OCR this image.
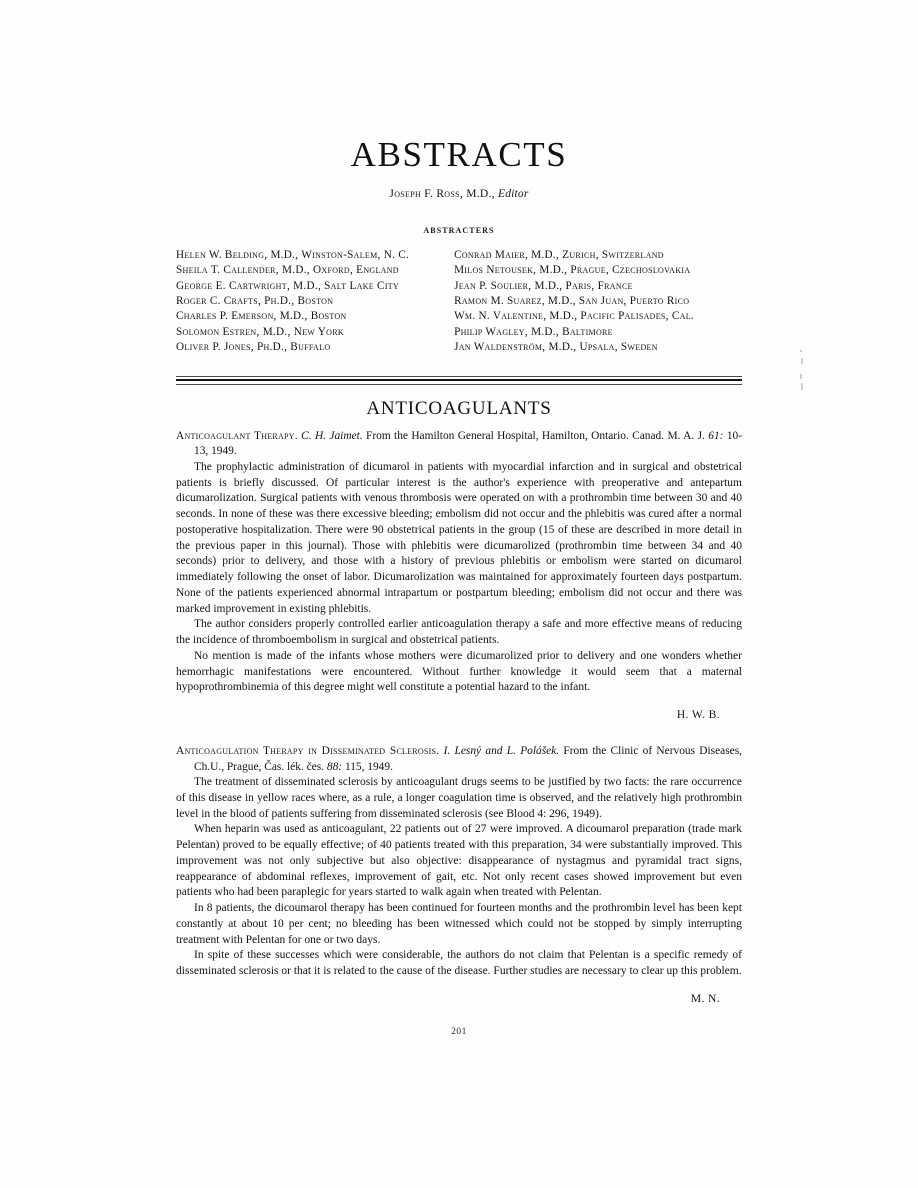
ABSTRACTS
Joseph F. Ross, M.D., Editor
ABSTRACTERS
Helen W. Belding, M.D., Winston-Salem, N. C.
Sheila T. Callender, M.D., Oxford, England
George E. Cartwright, M.D., Salt Lake City
Roger C. Crafts, Ph.D., Boston
Charles P. Emerson, M.D., Boston
Solomon Estren, M.D., New York
Oliver P. Jones, Ph.D., Buffalo
Conrad Maier, M.D., Zurich, Switzerland
Milos Netousek, M.D., Prague, Czechoslovakia
Jean P. Soulier, M.D., Paris, France
Ramon M. Suarez, M.D., San Juan, Puerto Rico
Wm. N. Valentine, M.D., Pacific Palisades, Cal.
Philip Wagley, M.D., Baltimore
Jan Waldenström, M.D., Upsala, Sweden
ANTICOAGULANTS
Anticoagulant Therapy. C. H. Jaimet. From the Hamilton General Hospital, Hamilton, Ontario. Canad. M. A. J. 61: 10-13, 1949.

The prophylactic administration of dicumarol in patients with myocardial infarction and in surgical and obstetrical patients is briefly discussed. Of particular interest is the author's experience with preoperative and antepartum dicumarolization. Surgical patients with venous thrombosis were operated on with a prothrombin time between 30 and 40 seconds. In none of these was there excessive bleeding; embolism did not occur and the phlebitis was cured after a normal postoperative hospitalization. There were 90 obstetrical patients in the group (15 of these are described in more detail in the previous paper in this journal). Those with phlebitis were dicumarolized (prothrombin time between 34 and 40 seconds) prior to delivery, and those with a history of previous phlebitis or embolism were started on dicumarol immediately following the onset of labor. Dicumarolization was maintained for approximately fourteen days postpartum. None of the patients experienced abnormal intrapartum or postpartum bleeding; embolism did not occur and there was marked improvement in existing phlebitis.

The author considers properly controlled earlier anticoagulation therapy a safe and more effective means of reducing the incidence of thromboembolism in surgical and obstetrical patients.

No mention is made of the infants whose mothers were dicumarolized prior to delivery and one wonders whether hemorrhagic manifestations were encountered. Without further knowledge it would seem that a maternal hypoprothrombinemia of this degree might well constitute a potential hazard to the infant.

H. W. B.
Anticoagulation Therapy in Disseminated Sclerosis. I. Lesný and L. Polášek. From the Clinic of Nervous Diseases, Ch.U., Prague, Čas. lék. čes. 88: 115, 1949.

The treatment of disseminated sclerosis by anticoagulant drugs seems to be justified by two facts: the rare occurrence of this disease in yellow races where, as a rule, a longer coagulation time is observed, and the relatively high prothrombin level in the blood of patients suffering from disseminated sclerosis (see Blood 4: 296, 1949).

When heparin was used as anticoagulant, 22 patients out of 27 were improved. A dicoumarol preparation (trade mark Pelentan) proved to be equally effective; of 40 patients treated with this preparation, 34 were substantially improved. This improvement was not only subjective but also objective: disappearance of nystagmus and pyramidal tract signs, reappearance of abdominal reflexes, improvement of gait, etc. Not only recent cases showed improvement but even patients who had been paraplegic for years started to walk again when treated with Pelentan.

In 8 patients, the dicoumarol therapy has been continued for fourteen months and the prothrombin level has been kept constantly at about 10 per cent; no bleeding has been witnessed which could not be stopped by simply interrupting treatment with Pelentan for one or two days.

In spite of these successes which were considerable, the authors do not claim that Pelentan is a specific remedy of disseminated sclerosis or that it is related to the cause of the disease. Further studies are necessary to clear up this problem.

M. N.
201
